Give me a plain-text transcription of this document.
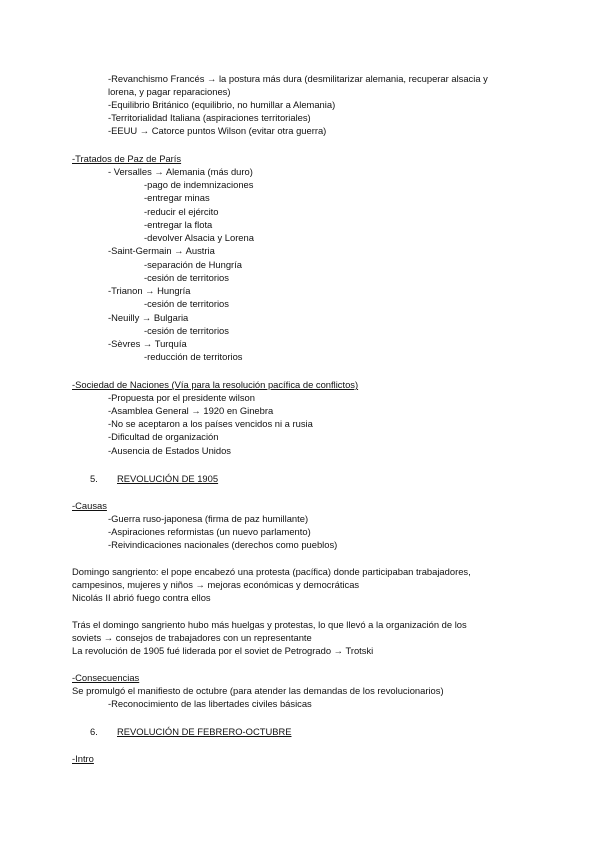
-Revanchismo Francés → la postura más dura (desmilitarizar alemania, recuperar alsacia y
lorena, y pagar reparaciones)
-Equilibrio Británico (equilibrio, no humillar a Alemania)
-Territorialidad Italiana (aspiraciones territoriales)
-EEUU → Catorce puntos Wilson (evitar otra guerra)
-Tratados de Paz de París
- Versalles → Alemania (más duro)
-pago de indemnizaciones
-entregar minas
-reducir el ejército
-entregar la flota
-devolver Alsacia y Lorena
-Saint-Germain → Austria
-separación de Hungría
-cesión de territorios
-Trianon → Hungría
-cesión de territorios
-Neuilly → Bulgaria
-cesión de territorios
-Sèvres → Turquía
-reducción de territorios
-Sociedad de Naciones (Vía para la resolución pacífica de conflictos)
-Propuesta por el presidente wilson
-Asamblea General → 1920 en Ginebra
-No se aceptaron a los países vencidos ni a rusia
-Dificultad de organización
-Ausencia de Estados Unidos
5. REVOLUCIÓN DE 1905
-Causas
-Guerra ruso-japonesa (firma de paz humillante)
-Aspiraciones reformistas (un nuevo parlamento)
-Reivindicaciones nacionales (derechos como pueblos)
Domingo sangriento: el pope encabezó una protesta (pacífica) donde participaban trabajadores,
campesinos, mujeres y niños → mejoras económicas y democráticas
Nicolás II abrió fuego contra ellos
Trás el domingo sangriento hubo más huelgas y protestas, lo que llevó a la organización de los
soviets → consejos de trabajadores con un representante
La revolución de 1905 fué liderada por el soviet de Petrogrado → Trotski
-Consecuencias
Se promulgó el manifiesto de octubre (para atender las demandas de los revolucionarios)
-Reconocimiento de las libertades civiles básicas
6. REVOLUCIÓN DE FEBRERO-OCTUBRE
-Intro
